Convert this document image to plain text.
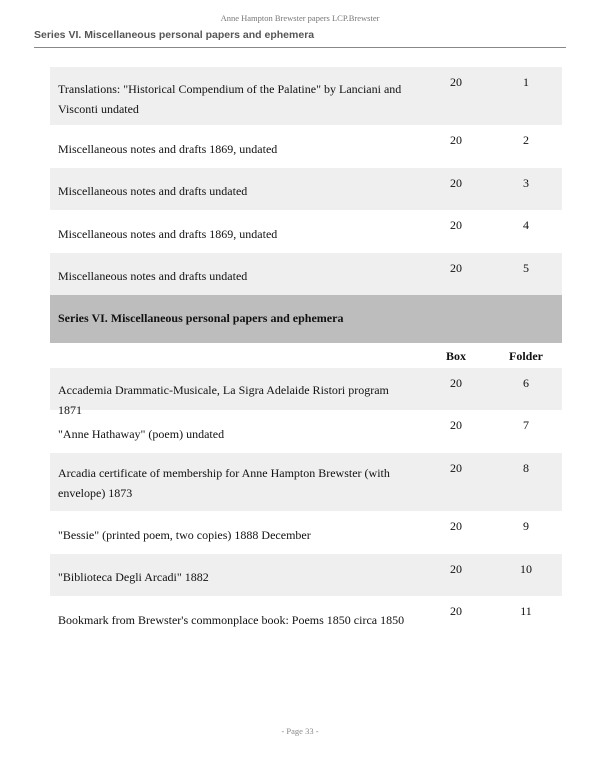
Anne Hampton Brewster papers LCP.Brewster
Series VI. Miscellaneous personal papers and ephemera
Translations: "Historical Compendium of the Palatine" by Lanciani and Visconti undated
20	1
Miscellaneous notes and drafts 1869, undated
20	2
Miscellaneous notes and drafts undated
20	3
Miscellaneous notes and drafts 1869, undated
20	4
Miscellaneous notes and drafts undated
20	5
Series VI. Miscellaneous personal papers and ephemera
Box	Folder
Accademia Drammatic-Musicale, La Sigra Adelaide Ristori program 1871
20	6
"Anne Hathaway" (poem) undated
20	7
Arcadia certificate of membership for Anne Hampton Brewster (with envelope) 1873
20	8
"Bessie" (printed poem, two copies) 1888 December
20	9
"Biblioteca Degli Arcadi" 1882
20	10
Bookmark from Brewster's commonplace book: Poems 1850 circa 1850
20	11
- Page 33 -
